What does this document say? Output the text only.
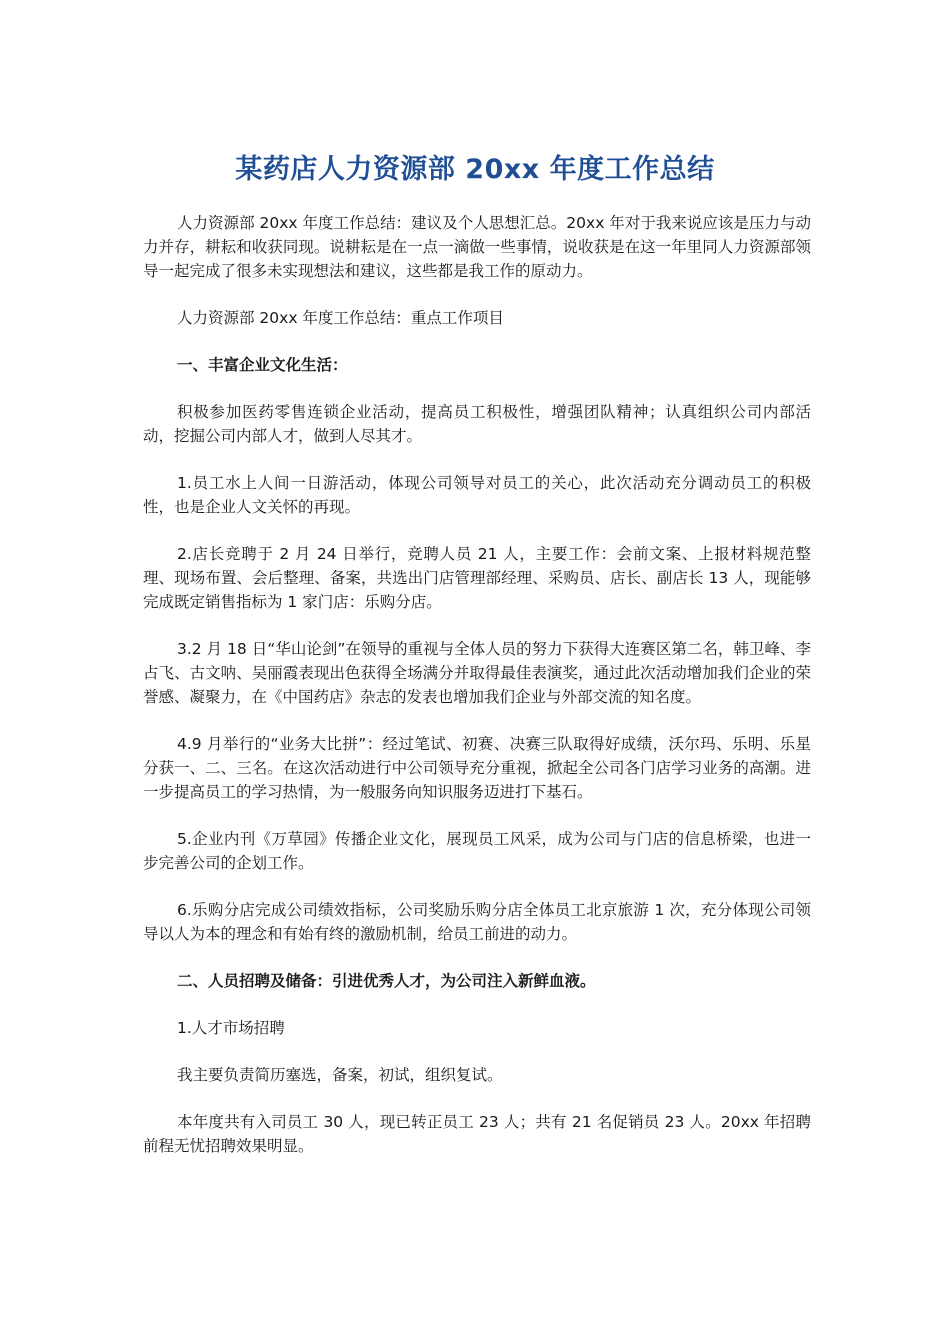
某药店人力资源部 20xx 年度工作总结

人力资源部 20xx 年度工作总结：建议及个人思想汇总。20xx 年对于我来说应该是压力与动力并存，耕耘和收获同现。说耕耘是在一点一滴做一些事情，说收获是在这一年里同人力资源部领导一起完成了很多未实现想法和建议，这些都是我工作的原动力。

人力资源部 20xx 年度工作总结：重点工作项目

一、丰富企业文化生活：

积极参加医药零售连锁企业活动，提高员工积极性，增强团队精神；认真组织公司内部活动，挖掘公司内部人才，做到人尽其才。

1.员工水上人间一日游活动，体现公司领导对员工的关心，此次活动充分调动员工的积极性，也是企业人文关怀的再现。

2.店长竞聘于 2 月 24 日举行，竞聘人员 21 人，主要工作：会前文案、上报材料规范整理、现场布置、会后整理、备案，共选出门店管理部经理、采购员、店长、副店长 13 人，现能够完成既定销售指标为 1 家门店：乐购分店。

3.2 月 18 日“华山论剑”在领导的重视与全体人员的努力下获得大连赛区第二名，韩卫峰、李占飞、古文呐、吴丽霞表现出色获得全场满分并取得最佳表演奖，通过此次活动增加我们企业的荣誉感、凝聚力，在《中国药店》杂志的发表也增加我们企业与外部交流的知名度。

4.9 月举行的“业务大比拼”：经过笔试、初赛、决赛三队取得好成绩，沃尔玛、乐明、乐星分获一、二、三名。在这次活动进行中公司领导充分重视，掀起全公司各门店学习业务的高潮。进一步提高员工的学习热情，为一般服务向知识服务迈进打下基石。

5.企业内刊《万草园》传播企业文化，展现员工风采，成为公司与门店的信息桥梁，也进一步完善公司的企划工作。

6.乐购分店完成公司绩效指标，公司奖励乐购分店全体员工北京旅游 1 次，充分体现公司领导以人为本的理念和有始有终的激励机制，给员工前进的动力。

二、人员招聘及储备：引进优秀人才，为公司注入新鲜血液。

1.人才市场招聘

我主要负责简历塞选，备案，初试，组织复试。

本年度共有入司员工 30 人，现已转正员工 23 人；共有 21 名促销员 23 人。20xx 年招聘前程无忧招聘效果明显。
